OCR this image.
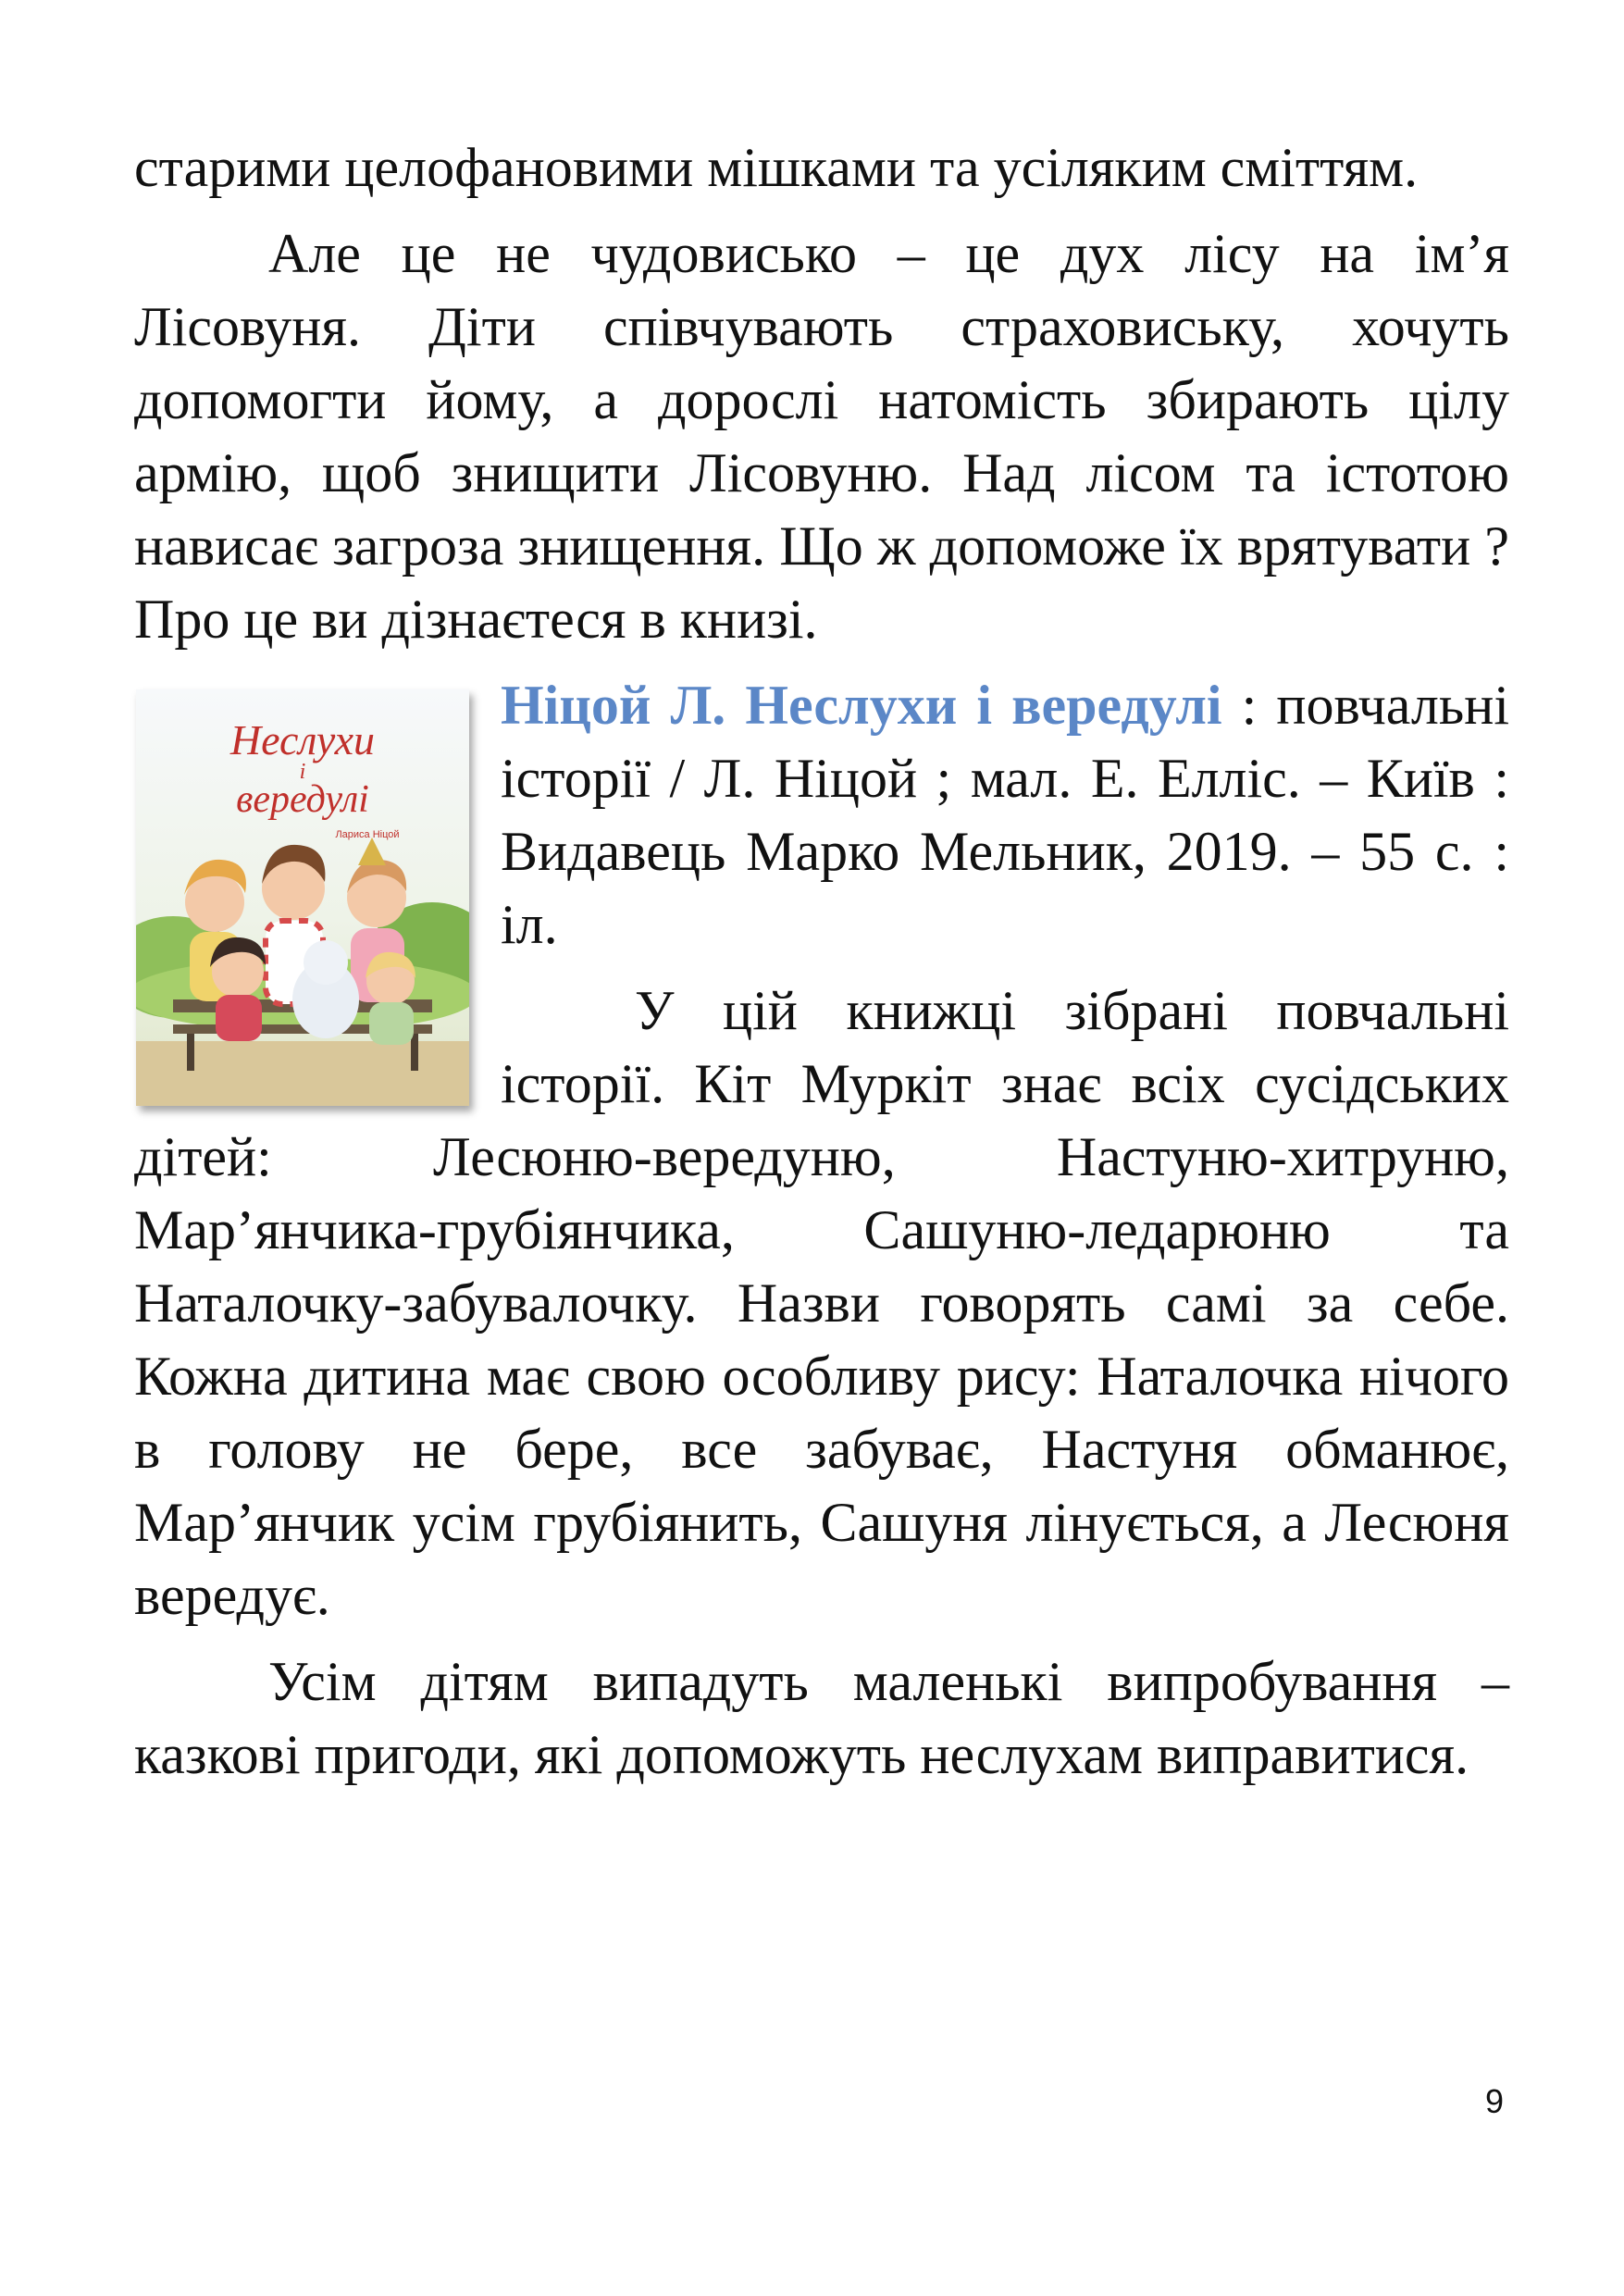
старими целофановими мішками та усіляким сміттям.

Але це не чудовисько – це дух лісу на ім’я Лісовуня. Діти співчувають страховиську, хочуть допомогти йому, а дорослі натомість збирають цілу армію, щоб знищити Лісовуню. Над лісом та істотою нависає загроза знищення. Що ж допоможе їх врятувати ? Про це ви дізнаєтеся в книзі.

Неслухи
і
вередулі
Лариса Ніцой

Ніцой Л. Неслухи і вередулі : повчальні історії / Л. Ніцой ; мал. Е. Елліс. – Київ : Видавець Марко Мельник, 2019. – 55 с. : іл.

У цій книжці зібрані повчальні історії. Кіт Муркіт знає всіх сусідських дітей: Лесюню-вередуню, Настуню-хитруню, Мар’янчика-грубіянчика, Сашуню-ледарюню та Наталочку-забувалочку. Назви говорять самі за себе. Кожна дитина має свою особливу рису: Наталочка нічого в голову не бере, все забуває, Настуня обманює, Мар’янчик усім грубіянить, Сашуня лінується, а Лесюня вередує.

Усім дітям випадуть маленькі випробування – казкові пригоди, які допоможуть неслухам виправитися.

9
